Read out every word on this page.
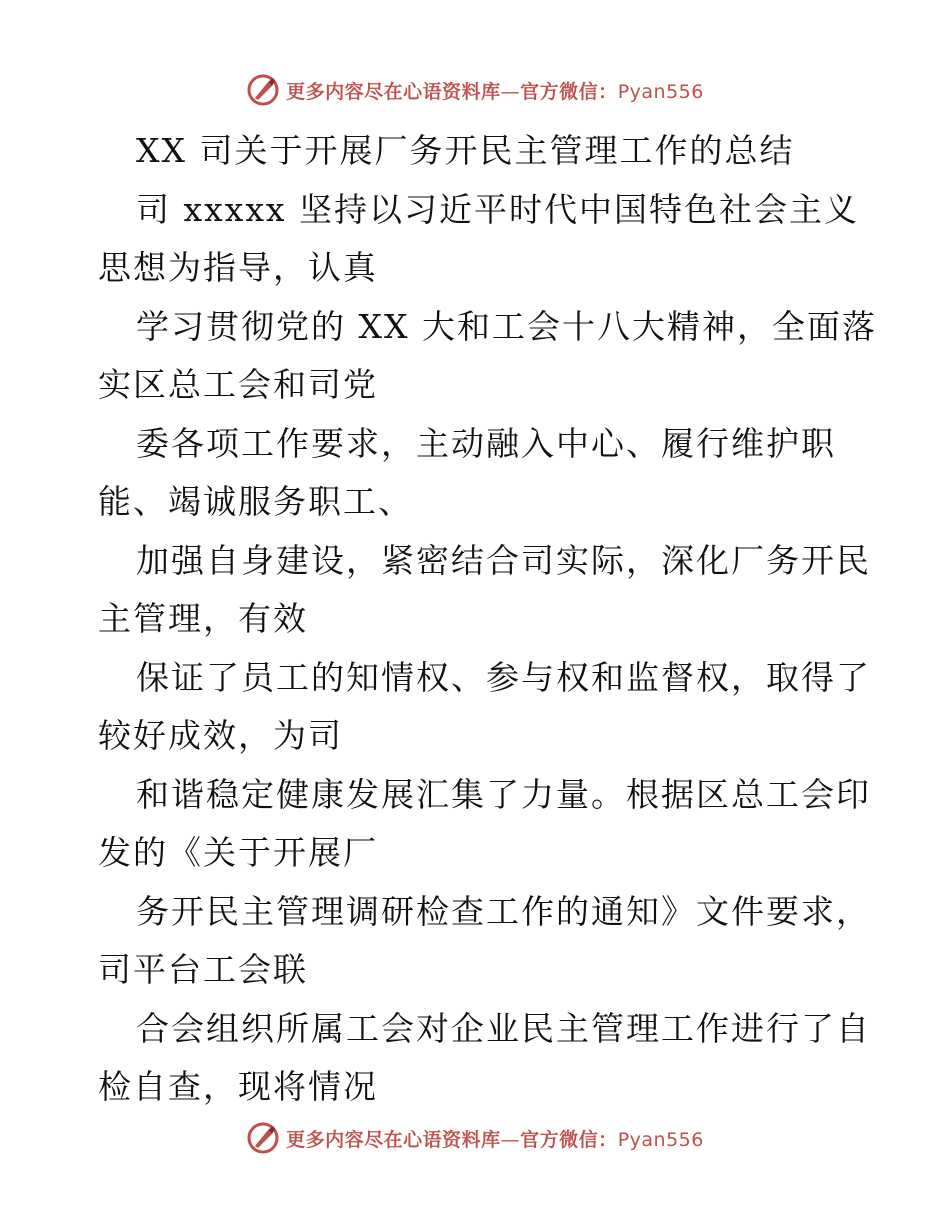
更多内容尽在心语资料库—官方微信：Pyan556
XX 司关于开展厂务开民主管理工作的总结
司 xxxxx 坚持以习近平时代中国特色社会主义
思想为指导，认真
学习贯彻党的 XX 大和工会十八大精神，全面落
实区总工会和司党
委各项工作要求，主动融入中心、履行维护职
能、竭诚服务职工、
加强自身建设，紧密结合司实际，深化厂务开民
主管理，有效
保证了员工的知情权、参与权和监督权，取得了
较好成效，为司
和谐稳定健康发展汇集了力量。根据区总工会印
发的《关于开展厂
务开民主管理调研检查工作的通知》文件要求，
司平台工会联
合会组织所属工会对企业民主管理工作进行了自
检自查，现将情况
更多内容尽在心语资料库—官方微信：Pyan556
